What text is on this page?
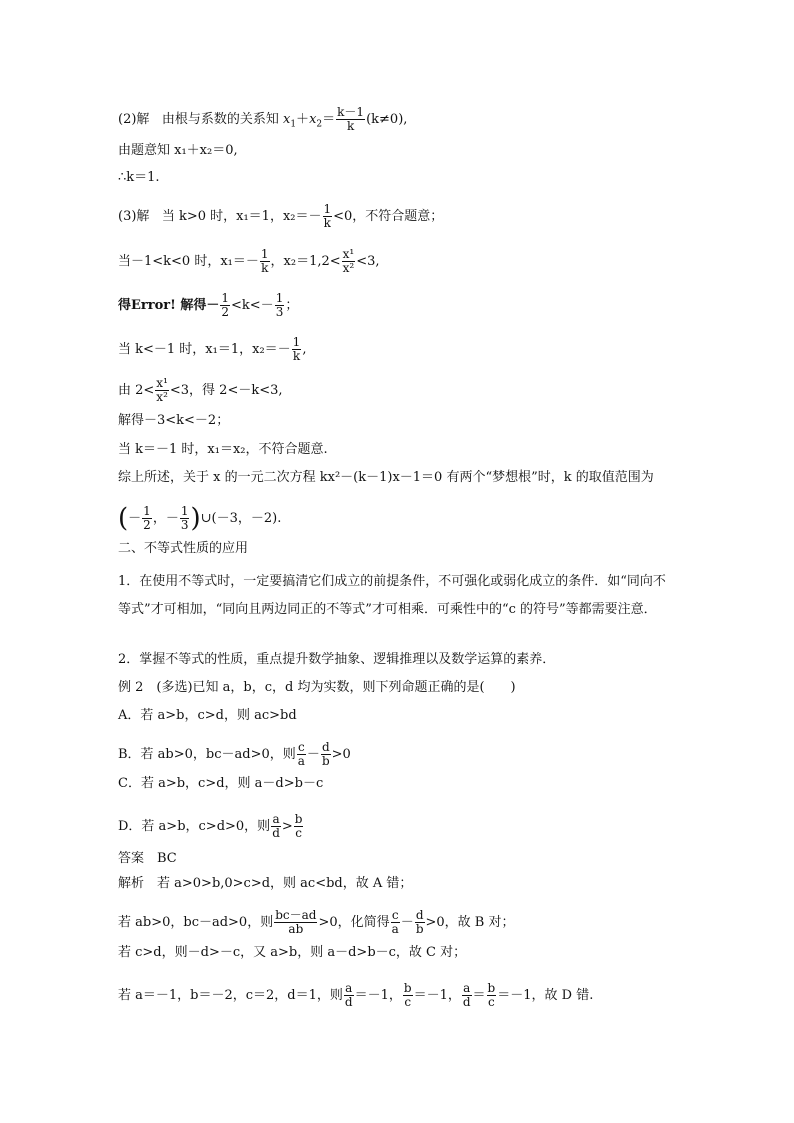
(2)解 由根与系数的关系知 $x_1+x_2= \frac{k-1}{k} (k\ne 0)$,
由题意知 x₁＋x₂＝0,
∴k＝1.
(3)解 当 k>0 时，x₁＝1，$x_2=- \frac{1}{k} <0$，不符合题意；
当－1<k<0 时，$x_1=- \frac{1}{k}$ ，$x_2=1,2< \frac{\text{x¹}}{\text{x²}} <3$,
得Error! 解得－ $\frac{1}{2} <k<- \frac{1}{3}$ ；
当 k<－1 时，x₁＝1，$x_2=- \frac{1}{k}$ ,
由 $2< \frac{\text{x¹}}{\text{x²}} <3$，得 2<－k<3,
解得－3<k<－2；
当 k＝－1 时，x₁＝x₂，不符合题意.
综上所述，关于 x 的一元二次方程 kx²－(k－1)x－1＝0 有两个“梦想根”时，k 的取值范围为
(－ $\frac{1}{2}$ ，－ $\frac{1}{3}$ )∪(－3，－2).
二、不等式性质的应用
1．在使用不等式时，一定要搞清它们成立的前提条件，不可强化或弱化成立的条件．如“同向不等式”才可相加，“同向且两边同正的不等式”才可相乘．可乘性中的“c 的符号”等都需要注意．
2．掌握不等式的性质，重点提升数学抽象、逻辑推理以及数学运算的素养．
例 2　(多选)已知 a，b，c，d 均为实数，则下列命题正确的是(　　)
A．若 a>b，c>d，则 ac>bd
B．若 ab>0，bc－ad>0，则 $\frac{c}{a} - \frac{d}{b} >0$
C．若 a>b，c>d，则 a－d>b－c
D．若 a>b，c>d>0，则 $\frac{a}{d} > \frac{b}{c}$
答案　BC
解析　若 a>0>b,0>c>d，则 ac<bd，故 A 错；
若 ab>0，bc－ad>0，则 $\frac{bc-ad}{ab} >0$，化简得 $\frac{c}{a} - \frac{d}{b} >0$，故 B 对；
若 c>d，则－d>－c，又 a>b，则 a－d>b－c，故 C 对；
若 a＝－1，b＝－2，c＝2，d＝1，则 $\frac{a}{d} =-1$， $\frac{b}{c} =-1$， $\frac{a}{d} = \frac{b}{c} =-1$，故 D 错.
